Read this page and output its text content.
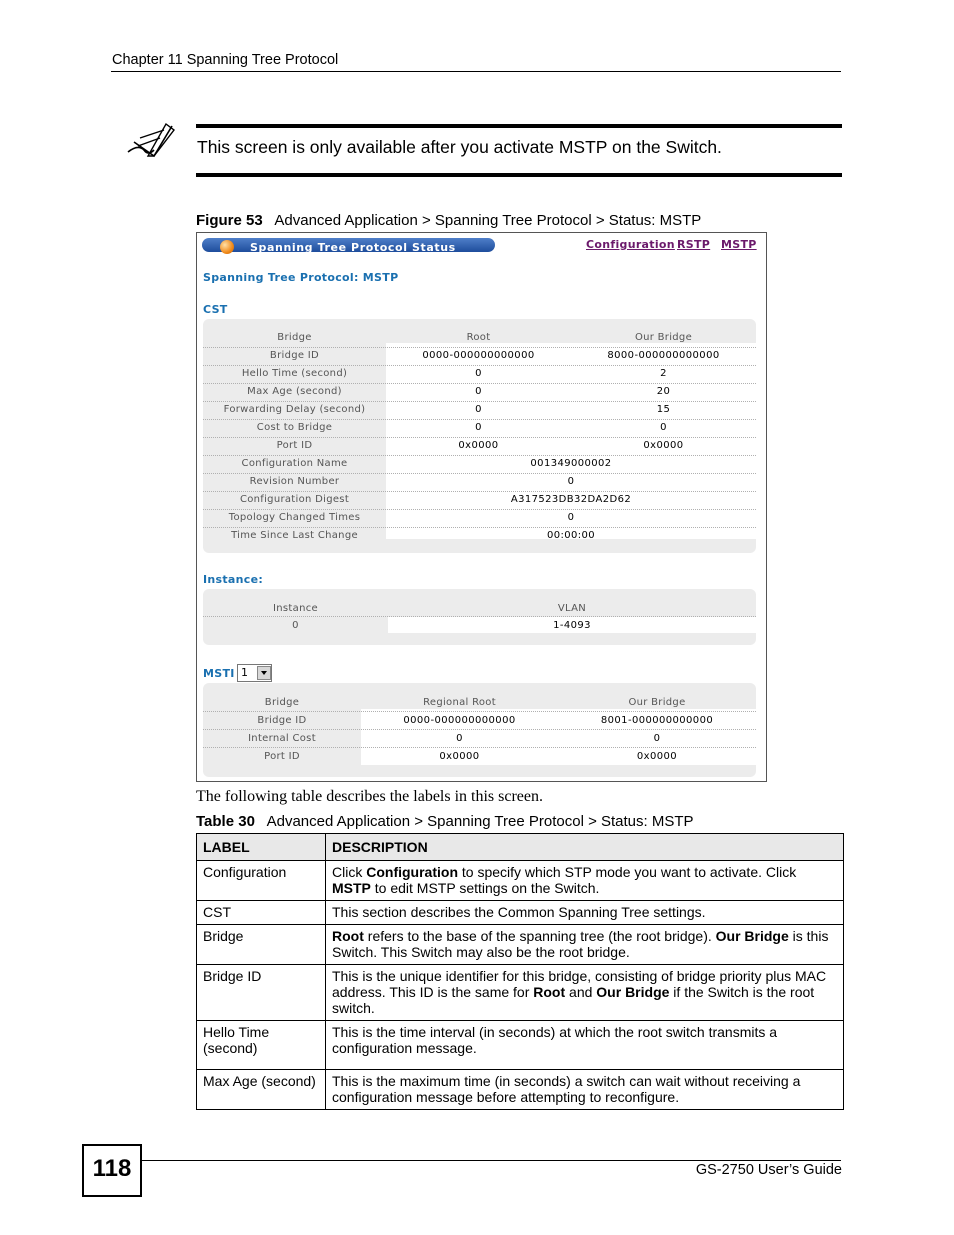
Chapter 11 Spanning Tree Protocol
This screen is only available after you activate MSTP on the Switch.
Figure 53 Advanced Application > Spanning Tree Protocol > Status: MSTP
Spanning Tree Protocol Status	Configuration RSTP MSTP
Spanning Tree Protocol: MSTP
CST
Bridge	Root	Our Bridge
Bridge ID	0000-000000000000	8000-000000000000
Hello Time (second)	0	2
Max Age (second)	0	20
Forwarding Delay (second)	0	15
Cost to Bridge	0	0
Port ID	0x0000	0x0000
Configuration Name	001349000002
Revision Number	0
Configuration Digest	A317523DB32DA2D62
Topology Changed Times	0
Time Since Last Change	00:00:00
Instance:
Instance	VLAN
0	1-4093
MSTI 1
Bridge	Regional Root	Our Bridge
Bridge ID	0000-000000000000	8001-000000000000
Internal Cost	0	0
Port ID	0x0000	0x0000
The following table describes the labels in this screen.
Table 30 Advanced Application > Spanning Tree Protocol > Status: MSTP
LABEL	DESCRIPTION
Configuration	Click Configuration to specify which STP mode you want to activate. Click MSTP to edit MSTP settings on the Switch.
CST	This section describes the Common Spanning Tree settings.
Bridge	Root refers to the base of the spanning tree (the root bridge). Our Bridge is this Switch. This Switch may also be the root bridge.
Bridge ID	This is the unique identifier for this bridge, consisting of bridge priority plus MAC address. This ID is the same for Root and Our Bridge if the Switch is the root switch.
Hello Time (second)	This is the time interval (in seconds) at which the root switch transmits a configuration message.
Max Age (second)	This is the maximum time (in seconds) a switch can wait without receiving a configuration message before attempting to reconfigure.
118	GS-2750 User’s Guide
